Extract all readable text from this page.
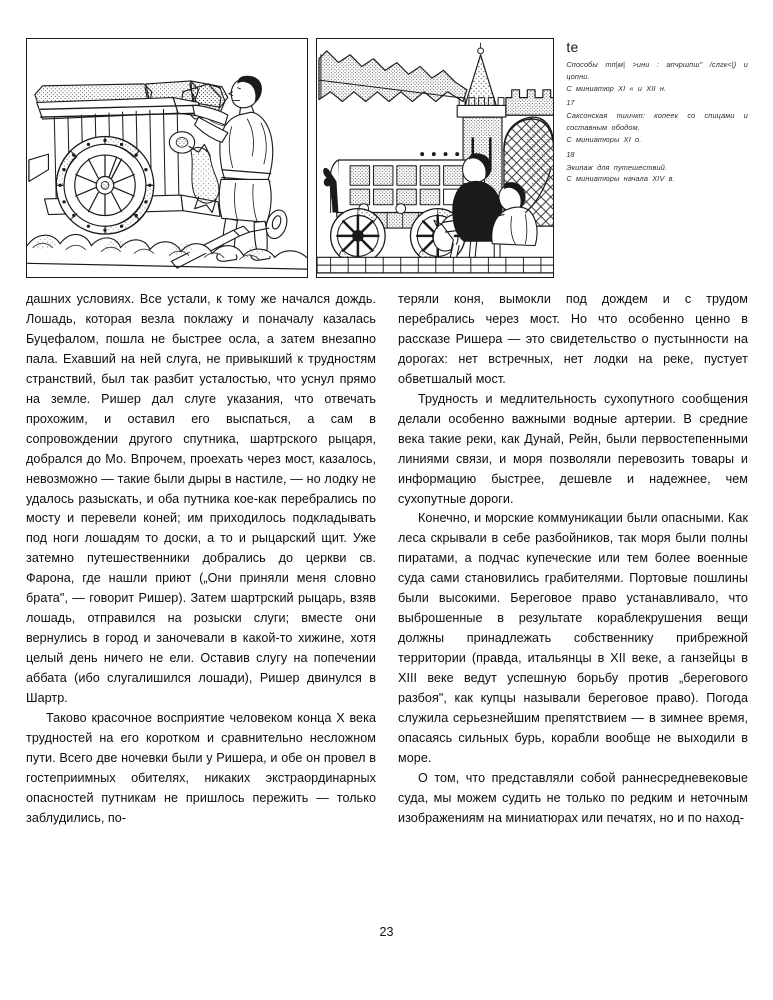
te
Способы mп|м| >ини : апчршпш" /слгк<|) и цопни.
С миниатюр XI « и XII н.
17
Саксонская пшичкп: копеек со спицами и составным ободом.
С миниатюры XI о.
18
Экипаж для путешествий.
С миниатюры начала XIV в.

дашних условиях. Все устали, к тому же начался дождь. Лошадь, которая везла поклажу и поначалу казалась Буцефалом, пошла не быстрее осла, а затем внезапно пала. Ехавший на ней слуга, не привыкший к трудностям странствий, был так разбит усталостью, что уснул прямо на земле. Ришер дал слуге указания, что отвечать прохожим, и оставил его выспаться, а сам в сопровождении другого спутника, шартрского рыцаря, добрался до Мо. Впрочем, проехать через мост, казалось, невозможно — такие были дыры в настиле, — но лодку не удалось разыскать, и оба путника кое-как перебрались по мосту и перевели коней; им приходилось подкладывать под ноги лошадям то доски, а то и рыцарский щит. Уже затемно путешественники добрались до церкви св. Фарона, где нашли приют („Они приняли меня словно брата", — говорит Ришер). Затем шартрский рыцарь, взяв лошадь, отправился на розыски слуги; вместе они вернулись в город и заночевали в какой-то хижине, хотя целый день ничего не ели. Оставив слугу на попечении аббата (ибо слугалишился лошади), Ришер двинулся в Шартр.

Таково красочное восприятие человеком конца X века трудностей на его коротком и сравнительно несложном пути. Всего две ночевки были у Ришера, и обе он провел в гостеприимных обителях, никаких экстраординарных опасностей путникам не пришлось пережить — только заблудились, по-

теряли коня, вымокли под дождем и с трудом перебрались через мост. Но что особенно ценно в рассказе Ришера — это свидетельство о пустынности на дорогах: нет встречных, нет лодки на реке, пустует обветшалый мост.

Трудность и медлительность сухопутного сообщения делали особенно важными водные артерии. В средние века такие реки, как Дунай, Рейн, были первостепенными линиями связи, и моря позволяли перевозить товары и информацию быстрее, дешевле и надежнее, чем сухопутные дороги.

Конечно, и морские коммуникации были опасными. Как леса скрывали в себе разбойников, так моря были полны пиратами, а подчас купеческие или тем более военные суда сами становились грабителями. Портовые пошлины были высокими. Береговое право устанавливало, что выброшенные в результате кораблекрушения вещи должны принадлежать собственнику прибрежной территории (правда, итальянцы в XII веке, а ганзейцы в XIII веке ведут успешную борьбу против „берегового разбоя", как купцы называли береговое право). Погода служила серьезнейшим препятствием — в зимнее время, опасаясь сильных бурь, корабли вообще не выходили в море.

О том, что представляли собой раннесредневековые суда, мы можем судить не только по редким и неточным изображениям на миниатюрах или печатях, но и по наход-

23
